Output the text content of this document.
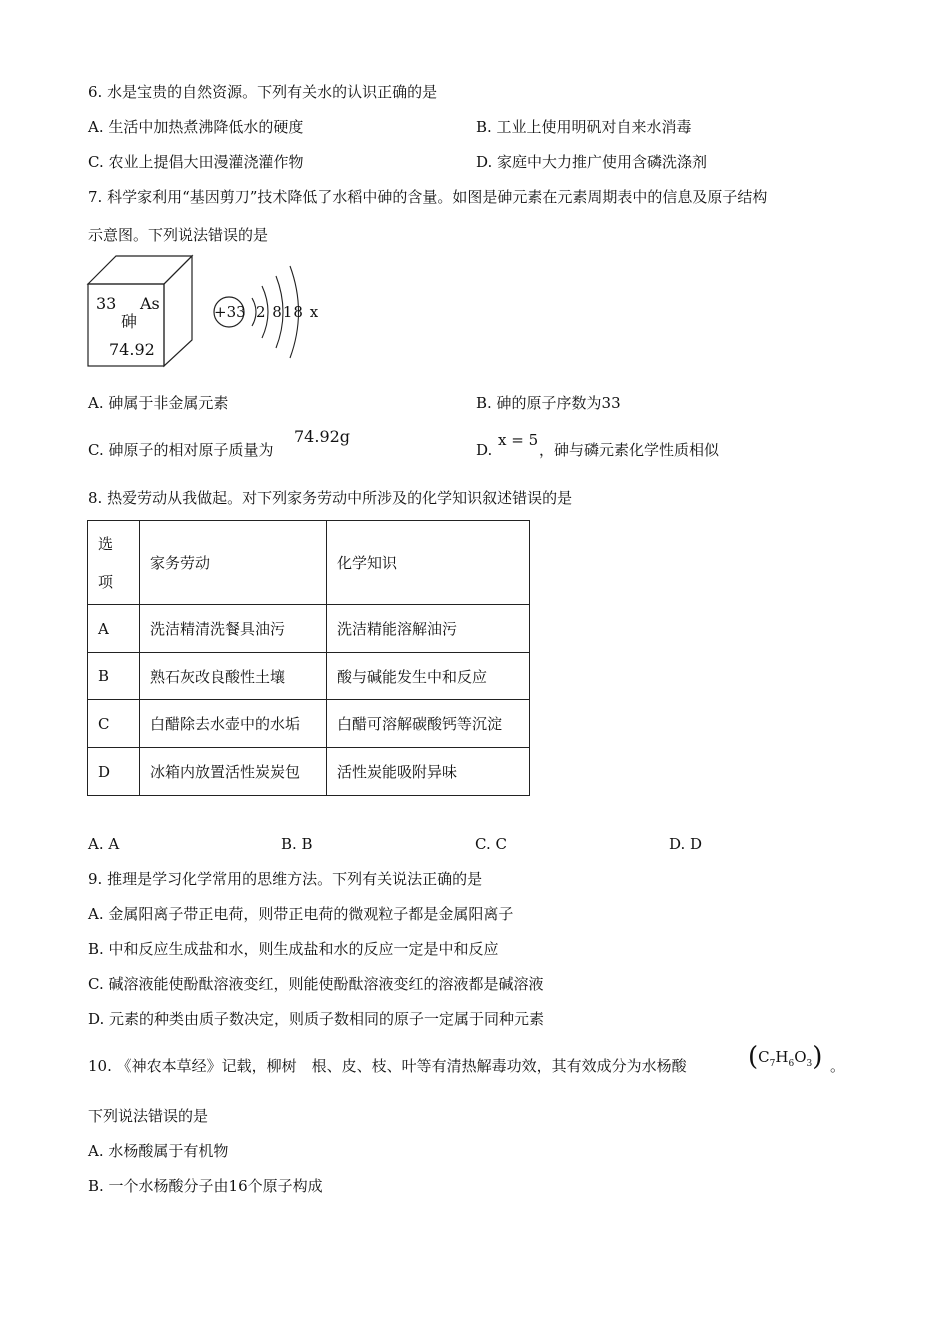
6. 水是宝贵的自然资源。下列有关水的认识正确的是
A. 生活中加热煮沸降低水的硬度	B. 工业上使用明矾对自来水消毒
C. 农业上提倡大田漫灌浇灌作物	D. 家庭中大力推广使用含磷洗涤剂
7. 科学家利用“基因剪刀”技术降低了水稻中砷的含量。如图是砷元素在元素周期表中的信息及原子结构
示意图。下列说法错误的是
33 As
砷
74.92
+33 2 818 x
A. 砷属于非金属元素	B. 砷的原子序数为33
C. 砷原子的相对原子质量为
74.92g
D.
x = 5
，砷与磷元素化学性质相似
8. 热爱劳动从我做起。对下列家务劳动中所涉及的化学知识叙述错误的是
选
项	家务劳动	化学知识
A	洗洁精清洗餐具油污	洗洁精能溶解油污
B	熟石灰改良酸性土壤	酸与碱能发生中和反应
C	白醋除去水壶中的水垢	白醋可溶解碳酸钙等沉淀
D	冰箱内放置活性炭炭包	活性炭能吸附异味
A. A	B. B	C. C	D. D
9. 推理是学习化学常用的思维方法。下列有关说法正确的是
A. 金属阳离子带正电荷，则带正电荷的微观粒子都是金属阳离子
B. 中和反应生成盐和水，则生成盐和水的反应一定是中和反应
C. 碱溶液能使酚酞溶液变红，则能使酚酞溶液变红的溶液都是碱溶液
D. 元素的种类由质子数决定，则质子数相同的原子一定属于同种元素
10. 《神农本草经》记载，柳树　根、皮、枝、叶等有清热解毒功效，其有效成分为水杨酸 $(C_7H_6O_3)$ 。
下列说法错误的是
A. 水杨酸属于有机物
B. 一个水杨酸分子由16个原子构成
